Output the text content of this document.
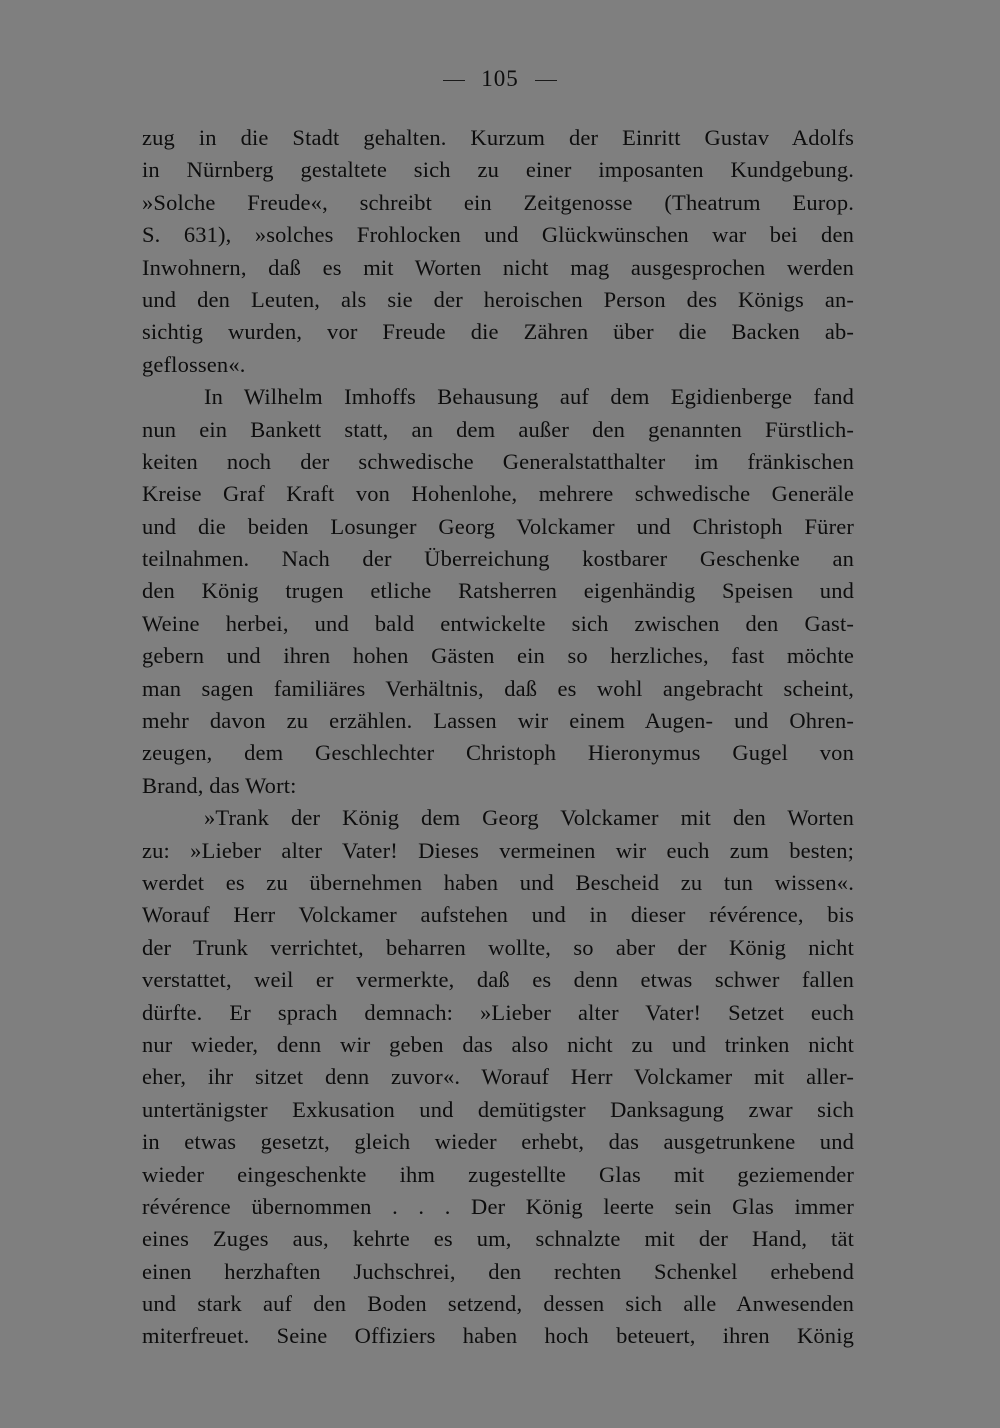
105
zug in die Stadt gehalten. Kurzum der Einritt Gustav Adolfs
in Nürnberg gestaltete sich zu einer imposanten Kundgebung.
»Solche Freude«, schreibt ein Zeitgenosse (Theatrum Europ.
S. 631), »solches Frohlocken und Glückwünschen war bei den
Inwohnern, daß es mit Worten nicht mag ausgesprochen werden
und den Leuten, als sie der heroischen Person des Königs an-
sichtig wurden, vor Freude die Zähren über die Backen ab-
geflossen«.
In Wilhelm Imhoffs Behausung auf dem Egidienberge fand
nun ein Bankett statt, an dem außer den genannten Fürstlich-
keiten noch der schwedische Generalstatthalter im fränkischen
Kreise Graf Kraft von Hohenlohe, mehrere schwedische Generäle
und die beiden Losunger Georg Volckamer und Christoph Fürer
teilnahmen. Nach der Überreichung kostbarer Geschenke an
den König trugen etliche Ratsherren eigenhändig Speisen und
Weine herbei, und bald entwickelte sich zwischen den Gast-
gebern und ihren hohen Gästen ein so herzliches, fast möchte
man sagen familiäres Verhältnis, daß es wohl angebracht scheint,
mehr davon zu erzählen. Lassen wir einem Augen- und Ohren-
zeugen, dem Geschlechter Christoph Hieronymus Gugel von
Brand, das Wort:
»Trank der König dem Georg Volckamer mit den Worten
zu: »Lieber alter Vater! Dieses vermeinen wir euch zum besten;
werdet es zu übernehmen haben und Bescheid zu tun wissen«.
Worauf Herr Volckamer aufstehen und in dieser révérence, bis
der Trunk verrichtet, beharren wollte, so aber der König nicht
verstattet, weil er vermerkte, daß es denn etwas schwer fallen
dürfte. Er sprach demnach: »Lieber alter Vater! Setzet euch
nur wieder, denn wir geben das also nicht zu und trinken nicht
eher, ihr sitzet denn zuvor«. Worauf Herr Volckamer mit aller-
untertänigster Exkusation und demütigster Danksagung zwar sich
in etwas gesetzt, gleich wieder erhebt, das ausgetrunkene und
wieder eingeschenkte ihm zugestellte Glas mit geziemender
révérence übernommen . . . Der König leerte sein Glas immer
eines Zuges aus, kehrte es um, schnalzte mit der Hand, tät
einen herzhaften Juchschrei, den rechten Schenkel erhebend
und stark auf den Boden setzend, dessen sich alle Anwesenden
miterfreuet. Seine Offiziers haben hoch beteuert, ihren König
